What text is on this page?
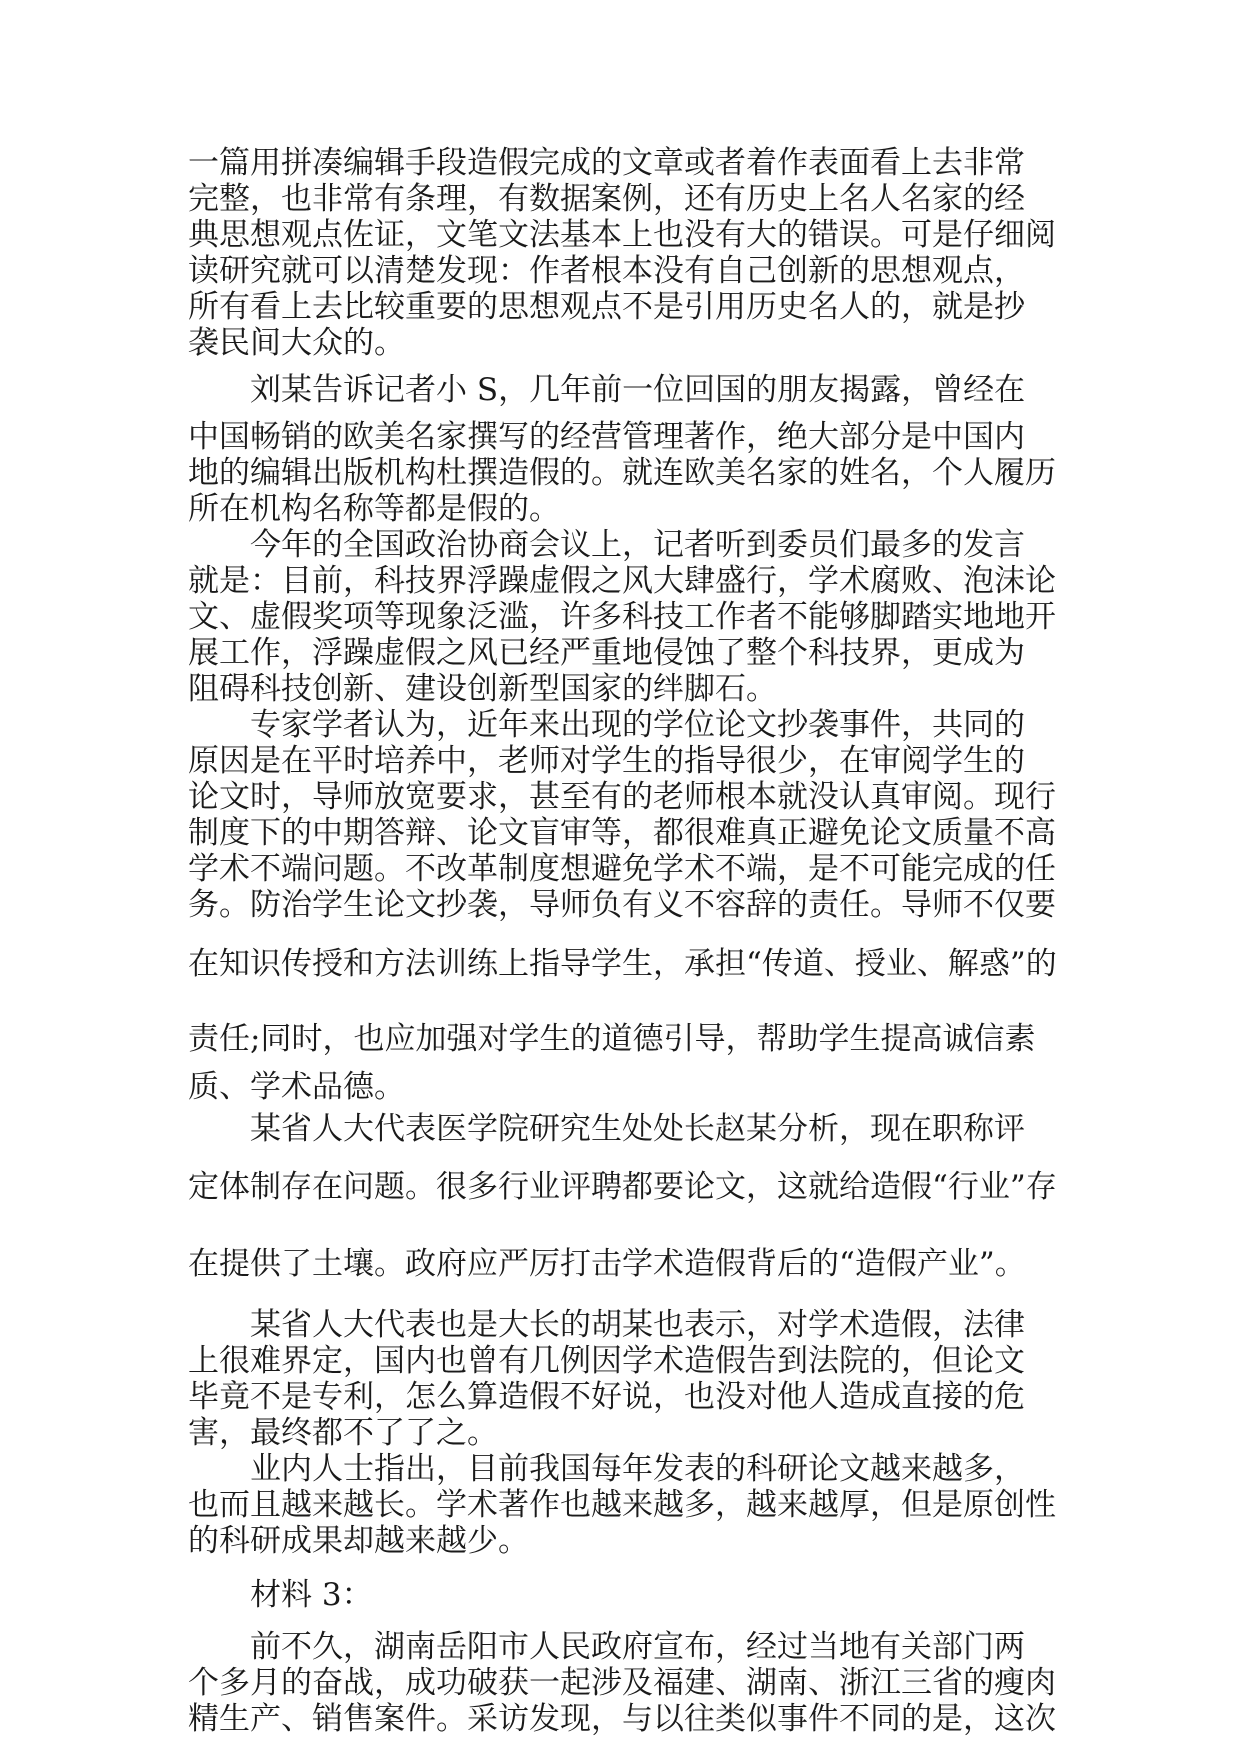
一篇用拼凑编辑手段造假完成的文章或者着作表面看上去非常
完整，也非常有条理，有数据案例，还有历史上名人名家的经
典思想观点佐证，文笔文法基本上也没有大的错误。可是仔细阅
读研究就可以清楚发现：作者根本没有自己创新的思想观点，
所有看上去比较重要的思想观点不是引用历史名人的，就是抄
袭民间大众的。
刘某告诉记者小 S，几年前一位回国的朋友揭露，曾经在
中国畅销的欧美名家撰写的经营管理著作，绝大部分是中国内
地的编辑出版机构杜撰造假的。就连欧美名家的姓名，个人履历
所在机构名称等都是假的。
今年的全国政治协商会议上，记者听到委员们最多的发言
就是：目前，科技界浮躁虚假之风大肆盛行，学术腐败、泡沫论
文、虚假奖项等现象泛滥，许多科技工作者不能够脚踏实地地开
展工作，浮躁虚假之风已经严重地侵蚀了整个科技界，更成为
阻碍科技创新、建设创新型国家的绊脚石。
专家学者认为，近年来出现的学位论文抄袭事件，共同的
原因是在平时培养中，老师对学生的指导很少，在审阅学生的
论文时，导师放宽要求，甚至有的老师根本就没认真审阅。现行
制度下的中期答辩、论文盲审等，都很难真正避免论文质量不高
学术不端问题。不改革制度想避免学术不端，是不可能完成的任
务。防治学生论文抄袭，导师负有义不容辞的责任。导师不仅要
在知识传授和方法训练上指导学生，承担“传道、授业、解惑”的
责任;同时，也应加强对学生的道德引导，帮助学生提高诚信素
质、学术品德。
某省人大代表医学院研究生处处长赵某分析，现在职称评
定体制存在问题。很多行业评聘都要论文，这就给造假“行业”存
在提供了土壤。政府应严厉打击学术造假背后的“造假产业”。
某省人大代表也是大长的胡某也表示，对学术造假，法律
上很难界定，国内也曾有几例因学术造假告到法院的，但论文
毕竟不是专利，怎么算造假不好说，也没对他人造成直接的危
害，最终都不了了之。
业内人士指出，目前我国每年发表的科研论文越来越多，
也而且越来越长。学术著作也越来越多，越来越厚，但是原创性
的科研成果却越来越少。
材料 3：
前不久，湖南岳阳市人民政府宣布，经过当地有关部门两
个多月的奋战，成功破获一起涉及福建、湖南、浙江三省的瘦肉
精生产、销售案件。采访发现，与以往类似事件不同的是，这次
